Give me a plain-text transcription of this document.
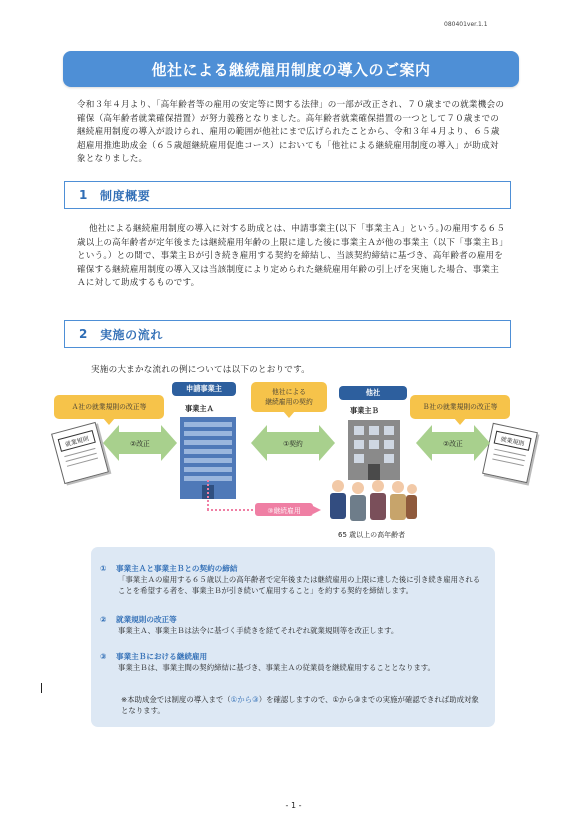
080401ver.1.1
他社による継続雇用制度の導入のご案内

令和３年４月より、「高年齢者等の雇用の安定等に関する法律」の一部が改正され、７０歳までの就業機会の確保（高年齢者就業確保措置）が努力義務となりました。高年齢者就業確保措置の一つとして７０歳までの継続雇用制度の導入が設けられ、雇用の範囲が他社にまで広げられたことから、令和３年４月より、６５歳超雇用推進助成金（６５歳超継続雇用促進コース）においても「他社による継続雇用制度の導入」が助成対象となりました。

1 制度概要

他社による継続雇用制度の導入に対する助成とは、申請事業主(以下「事業主Ａ」という。)の雇用する６５歳以上の高年齢者が定年後または継続雇用年齢の上限に達した後に事業主Ａが他の事業主（以下「事業主Ｂ」という。）との間で、事業主Ｂが引き続き雇用する契約を締結し、当該契約締結に基づき、高年齢者の雇用を確保する継続雇用制度の導入又は当該制度により定められた継続雇用年齢の引上げを実施した場合、事業主Ａに対して助成するものです。

2 実施の流れ

実施の大まかな流れの例については以下のとおりです。

Ａ社の就業規則の改正等	Ｂ社の就業規則の改正等
他社による
継続雇用の契約
申請事業主
事業主Ａ
他社
事業主Ｂ
就業規則	就業規則
②改正	①契約	②改正
③継続雇用
65 歳以上の高年齢者
① 事業主Ａと事業主Ｂとの契約の締結

「事業主Ａの雇用する６５歳以上の高年齢者で定年後または継続雇用の上限に達した後に引き続き雇用されることを希望する者を、事業主Ｂが引き続いて雇用すること」を約する契約を締結します。

② 就業規則の改正等

事業主Ａ、事業主Ｂは法令に基づく手続きを経てそれぞれ就業規則等を改正します。

③ 事業主Ｂにおける継続雇用

事業主Ｂは、事業主間の契約締結に基づき、事業主Ａの従業員を継続雇用することとなります。

※本助成金では制度の導入まで（①から③）を確認しますので、①から③までの実施が確認できれば助成対象となります。

- 1 -
